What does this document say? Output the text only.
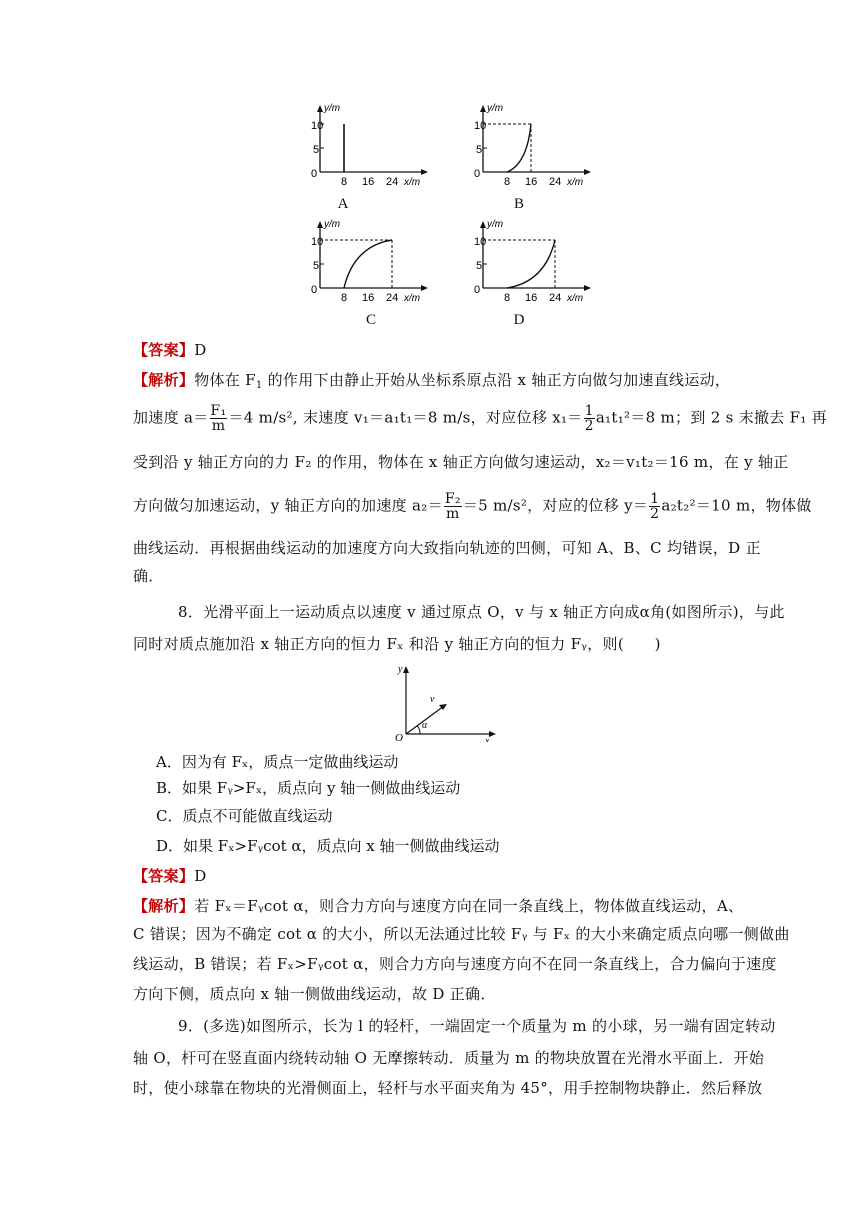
y/m
10
5
0
8 16 24 x/m
A
y/m
10
5
0
8 16 24 x/m
B
y/m
10
5
0
8 16 24 x/m
C
y/m
10
5
0
8 16 24 x/m
D
【答案】D
【解析】物体在 $F_1$ 的作用下由静止开始从坐标系原点沿 x 轴正方向做匀加速直线运动，
加速度 $a= \frac{\text{F₁}}{m} =4$ m/s², 末速度 v₁＝a₁t₁＝8 m/s，对应位移 $x_1= \frac{1}{2} a_1t_1^2=8$ m；到 2 s 末撤去 F₁ 再
受到沿 y 轴正方向的力 F₂ 的作用，物体在 x 轴正方向做匀速运动，x₂＝v₁t₂＝16 m，在 y 轴正
方向做匀加速运动，y 轴正方向的加速度 $a_2= \frac{\text{F₂}}{m} =5$ m/s²，对应的位移 $y= \frac{1}{2} a_2t_2^2=10$ m，物体做
曲线运动．再根据曲线运动的加速度方向大致指向轨迹的凹侧，可知 A、B、C 均错误，D 正
确．
8．光滑平面上一运动质点以速度 v 通过原点 O，v 与 x 轴正方向成α角(如图所示)，与此
同时对质点施加沿 x 轴正方向的恒力 Fₓ 和沿 y 轴正方向的恒力 Fᵧ，则(　　)
y
x
O
v
α
A．因为有 Fₓ，质点一定做曲线运动
B．如果 Fᵧ>Fₓ，质点向 y 轴一侧做曲线运动
C．质点不可能做直线运动
D．如果 Fₓ>Fᵧcot α，质点向 x 轴一侧做曲线运动
【答案】D
【解析】若 Fₓ＝Fᵧcot α，则合力方向与速度方向在同一条直线上，物体做直线运动，A、
C 错误；因为不确定 cot α 的大小，所以无法通过比较 Fᵧ 与 Fₓ 的大小来确定质点向哪一侧做曲
线运动，B 错误；若 Fₓ>Fᵧcot α，则合力方向与速度方向不在同一条直线上，合力偏向于速度
方向下侧，质点向 x 轴一侧做曲线运动，故 D 正确．
9．(多选)如图所示，长为 l 的轻杆，一端固定一个质量为 m 的小球，另一端有固定转动
轴 O，杆可在竖直面内绕转动轴 O 无摩擦转动．质量为 m 的物块放置在光滑水平面上．开始
时，使小球靠在物块的光滑侧面上，轻杆与水平面夹角为 45°，用手控制物块静止．然后释放
